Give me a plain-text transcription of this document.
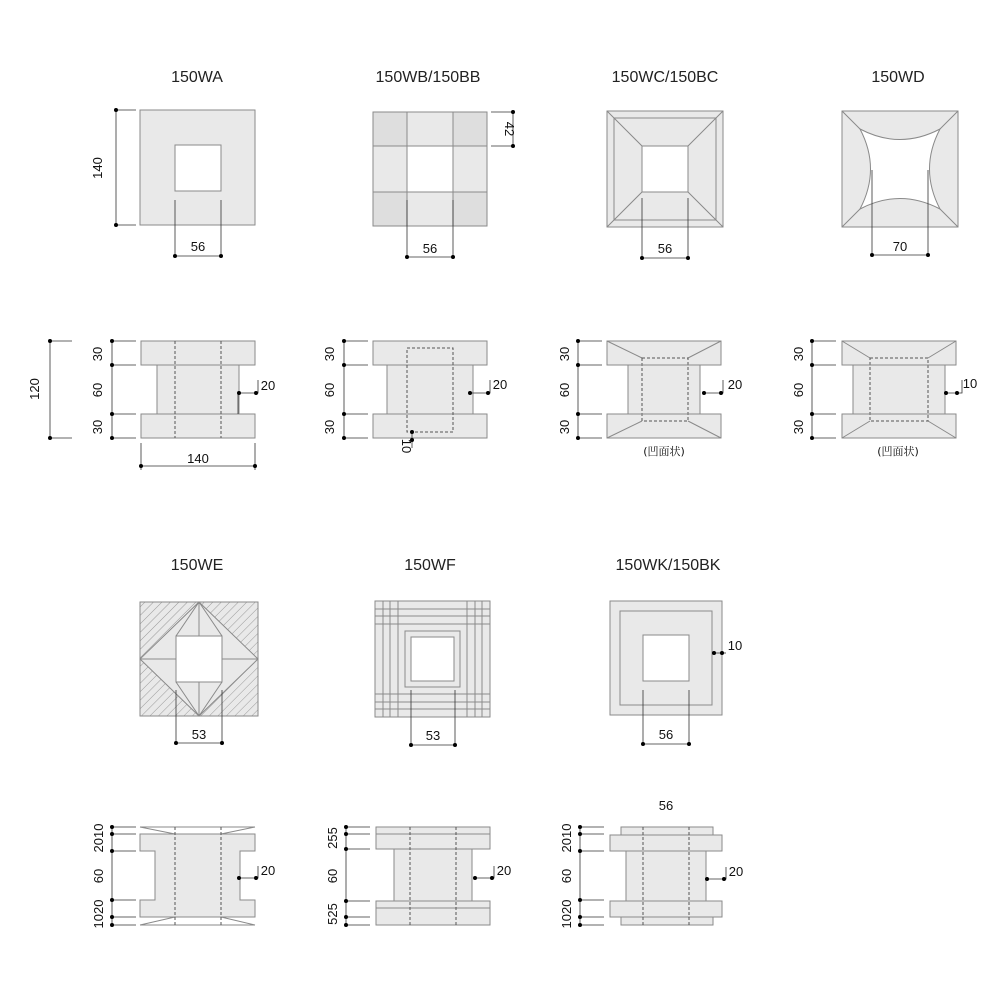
150WA	150WB/150BB	150WC/150BC	150WD
150WE	150WF	150WK/150BK
140
56
42
56	56	70
120
30
60
30
20
140
30
60
30
20
10
30
60
30
20
(凹面状)
30
60
30
10
(凹面状)
53	53
10
56
2010
60
1020
20
255
60
525
20
56
2010
60
1020
20
